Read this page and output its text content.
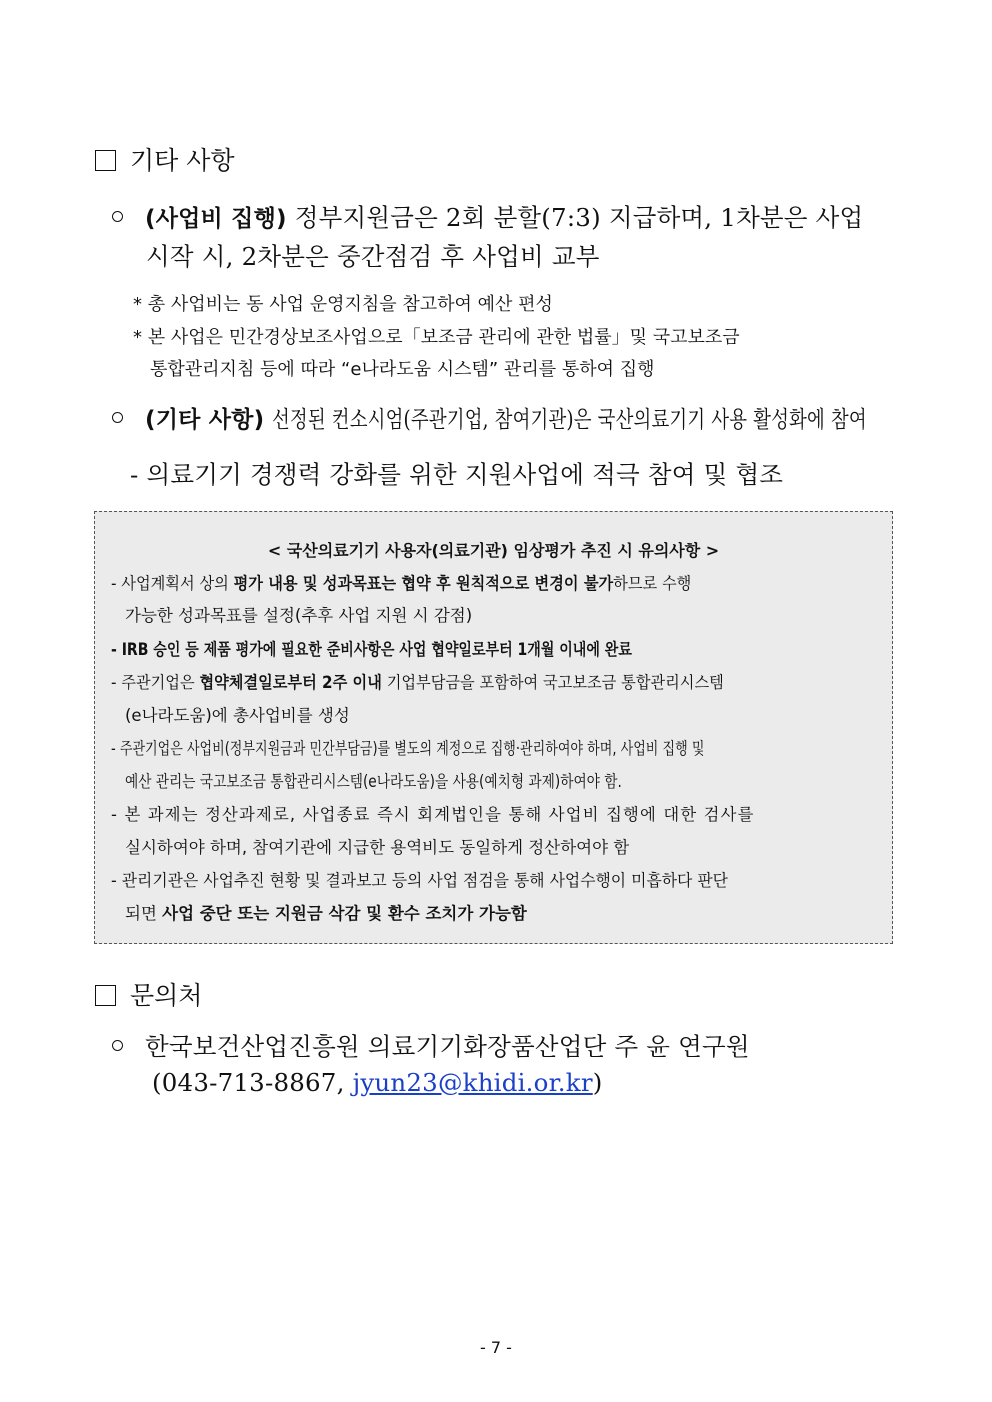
기타 사항
(사업비 집행) 정부지원금은 2회 분할(7:3) 지급하며, 1차분은 사업
시작 시, 2차분은 중간점검 후 사업비 교부
* 총 사업비는 동 사업 운영지침을 참고하여 예산 편성
* 본 사업은 민간경상보조사업으로「보조금 관리에 관한 법률」및 국고보조금
통합관리지침 등에 따라 “e나라도움 시스템” 관리를 통하여 집행
(기타 사항) 선정된 컨소시엄(주관기업, 참여기관)은 국산의료기기 사용 활성화에 참여
- 의료기기 경쟁력 강화를 위한 지원사업에 적극 참여 및 협조
< 국산의료기기 사용자(의료기관) 임상평가 추진 시 유의사항 >
- 사업계획서 상의 평가 내용 및 성과목표는 협약 후 원칙적으로 변경이 불가하므로 수행
가능한 성과목표를 설정(추후 사업 지원 시 감점)
- IRB 승인 등 제품 평가에 필요한 준비사항은 사업 협약일로부터 1개월 이내에 완료
- 주관기업은 협약체결일로부터 2주 이내 기업부담금을 포함하여 국고보조금 통합관리시스템
(e나라도움)에 총사업비를 생성
- 주관기업은 사업비(정부지원금과 민간부담금)를 별도의 계정으로 집행·관리하여야 하며, 사업비 집행 및
예산 관리는 국고보조금 통합관리시스템(e나라도움)을 사용(예치형 과제)하여야 함.
- 본 과제는 정산과제로, 사업종료 즉시 회계법인을 통해 사업비 집행에 대한 검사를
실시하여야 하며, 참여기관에 지급한 용역비도 동일하게 정산하여야 함
- 관리기관은 사업추진 현황 및 결과보고 등의 사업 점검을 통해 사업수행이 미흡하다 판단
되면 사업 중단 또는 지원금 삭감 및 환수 조치가 가능함
문의처
한국보건산업진흥원 의료기기화장품산업단 주 윤 연구원
(043-713-8867, jyun23@khidi.or.kr)
- 7 -
